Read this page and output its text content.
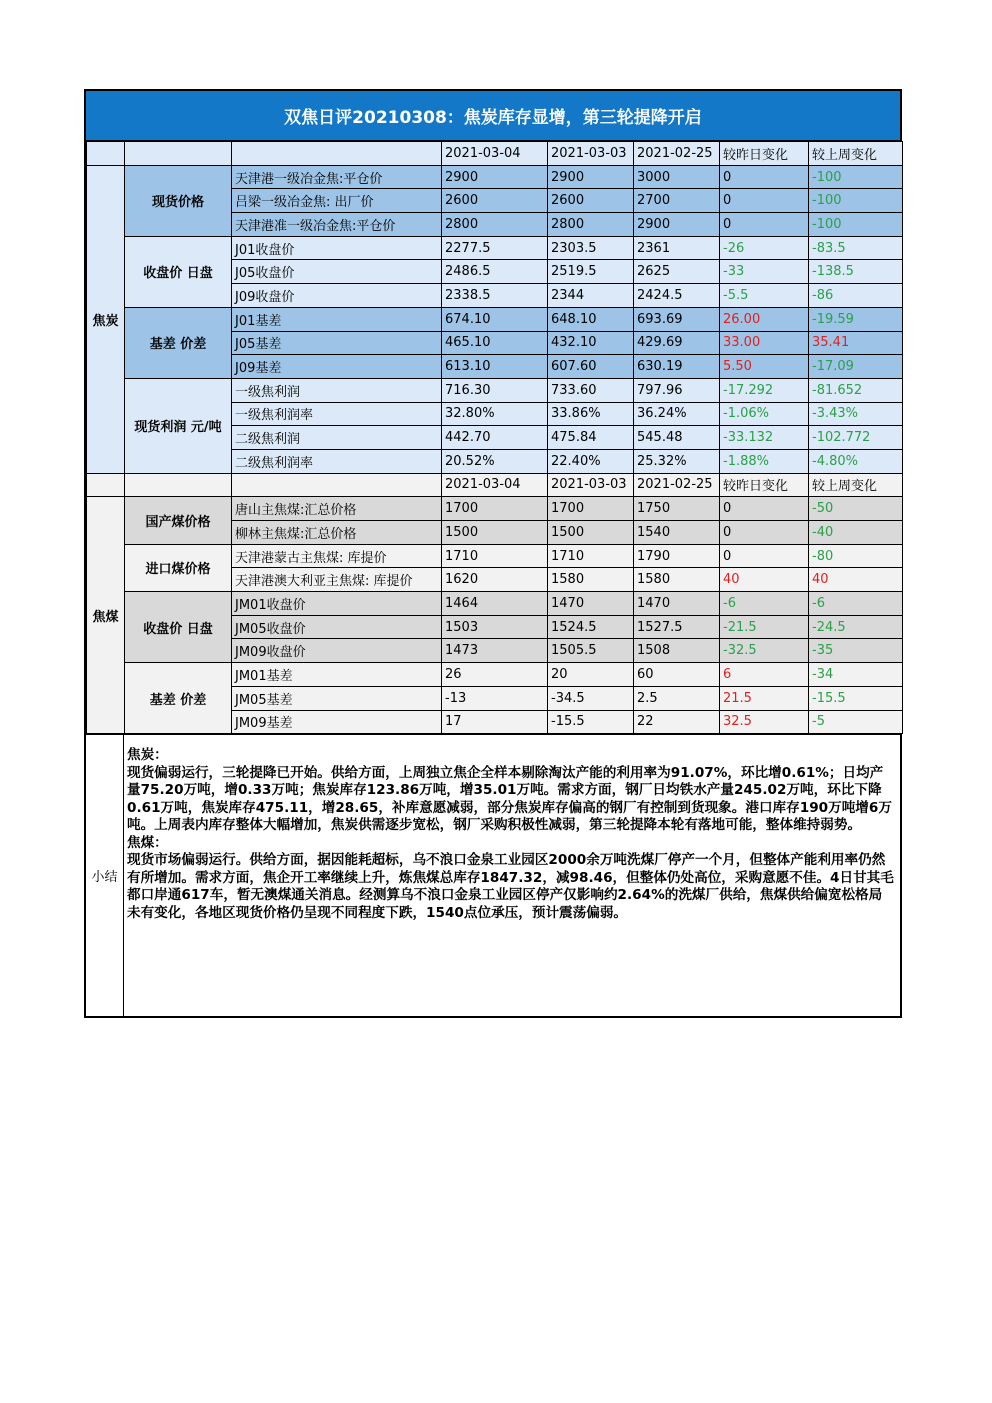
双焦日评20210308：焦炭库存显增，第三轮提降开启
			2021-03-04	2021-03-03	2021-02-25	较昨日变化	较上周变化
焦炭	现货价格	天津港一级冶金焦:平仓价	2900	2900	3000	0	-100
		吕梁一级冶金焦: 出厂价	2600	2600	2700	0	-100
		天津港准一级冶金焦:平仓价	2800	2800	2900	0	-100
	收盘价 日盘	J01收盘价	2277.5	2303.5	2361	-26	-83.5
		J05收盘价	2486.5	2519.5	2625	-33	-138.5
		J09收盘价	2338.5	2344	2424.5	-5.5	-86
	基差 价差	J01基差	674.10	648.10	693.69	26.00	-19.59
		J05基差	465.10	432.10	429.69	33.00	35.41
		J09基差	613.10	607.60	630.19	5.50	-17.09
	现货利润 元/吨	一级焦利润	716.30	733.60	797.96	-17.292	-81.652
		一级焦利润率	32.80%	33.86%	36.24%	-1.06%	-3.43%
		二级焦利润	442.70	475.84	545.48	-33.132	-102.772
		二级焦利润率	20.52%	22.40%	25.32%	-1.88%	-4.80%
			2021-03-04	2021-03-03	2021-02-25	较昨日变化	较上周变化
焦煤	国产煤价格	唐山主焦煤:汇总价格	1700	1700	1750	0	-50
		柳林主焦煤:汇总价格	1500	1500	1540	0	-40
	进口煤价格	天津港蒙古主焦煤: 库提价	1710	1710	1790	0	-80
		天津港澳大利亚主焦煤: 库提价	1620	1580	1580	40	40
	收盘价 日盘	JM01收盘价	1464	1470	1470	-6	-6
		JM05收盘价	1503	1524.5	1527.5	-21.5	-24.5
		JM09收盘价	1473	1505.5	1508	-32.5	-35
	基差 价差	JM01基差	26	20	60	6	-34
		JM05基差	-13	-34.5	2.5	21.5	-15.5
		JM09基差	17	-15.5	22	32.5	-5
小结

焦炭：

现货偏弱运行，三轮提降已开始。供给方面，上周独立焦企全样本剔除淘汰产能的利用率为91.07%，环比增0.61%；日均产量75.20万吨，增0.33万吨；焦炭库存123.86万吨，增35.01万吨。需求方面，钢厂日均铁水产量245.02万吨，环比下降0.61万吨，焦炭库存475.11，增28.65，补库意愿减弱，部分焦炭库存偏高的钢厂有控制到货现象。港口库存190万吨增6万吨。上周表内库存整体大幅增加，焦炭供需逐步宽松，钢厂采购积极性减弱，第三轮提降本轮有落地可能，整体维持弱势。

焦煤：

现货市场偏弱运行。供给方面，据因能耗超标，乌不浪口金泉工业园区2000余万吨洗煤厂停产一个月，但整体产能利用率仍然有所增加。需求方面，焦企开工率继续上升，炼焦煤总库存1847.32，减98.46，但整体仍处高位，采购意愿不佳。4日甘其毛都口岸通617车，暂无澳煤通关消息。经测算乌不浪口金泉工业园区停产仅影响约2.64%的洗煤厂供给，焦煤供给偏宽松格局未有变化，各地区现货价格仍呈现不同程度下跌，1540点位承压，预计震荡偏弱。
